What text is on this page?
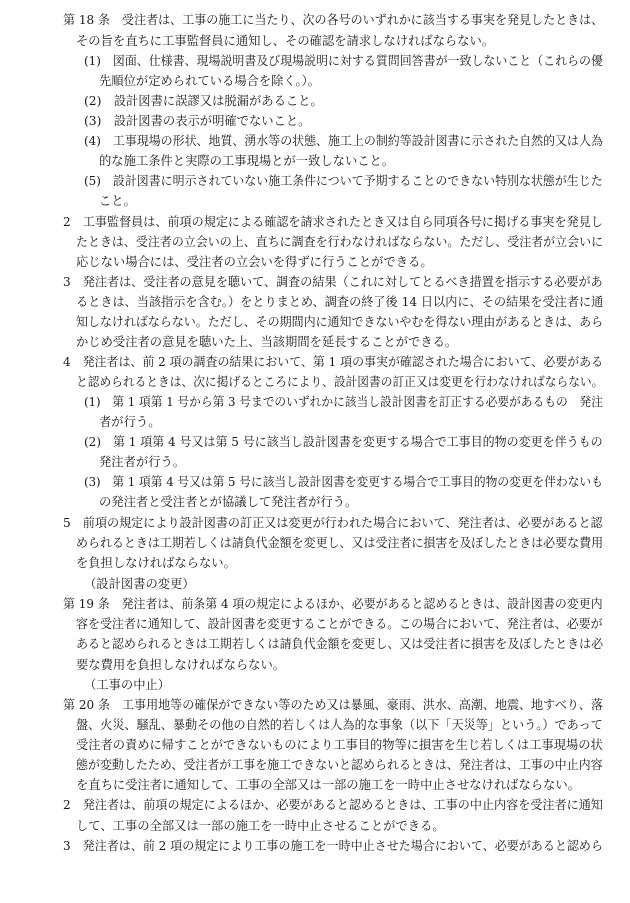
第 18 条　受注者は、工事の施工に当たり、次の各号のいずれかに該当する事実を発見したときは、
その旨を直ちに工事監督員に通知し、その確認を請求しなければならない。
(1)　図面、仕様書、現場説明書及び現場説明に対する質問回答書が一致しないこと（これらの優
先順位が定められている場合を除く。）。
(2)　設計図書に誤謬又は脱漏があること。
(3)　設計図書の表示が明確でないこと。
(4)　工事現場の形状、地質、湧水等の状態、施工上の制約等設計図書に示された自然的又は人為
的な施工条件と実際の工事現場とが一致しないこと。
(5)　設計図書に明示されていない施工条件について予期することのできない特別な状態が生じた
こと。
2　工事監督員は、前項の規定による確認を請求されたとき又は自ら同項各号に掲げる事実を発見し
たときは、受注者の立会いの上、直ちに調査を行わなければならない。ただし、受注者が立会いに
応じない場合には、受注者の立会いを得ずに行うことができる。
3　発注者は、受注者の意見を聴いて、調査の結果（これに対してとるべき措置を指示する必要があ
るときは、当該指示を含む。）をとりまとめ、調査の終了後 14 日以内に、その結果を受注者に通
知しなければならない。ただし、その期間内に通知できないやむを得ない理由があるときは、あら
かじめ受注者の意見を聴いた上、当該期間を延長することができる。
4　発注者は、前 2 項の調査の結果において、第 1 項の事実が確認された場合において、必要がある
と認められるときは、次に掲げるところにより、設計図書の訂正又は変更を行わなければならない。
(1)　第 1 項第 1 号から第 3 号までのいずれかに該当し設計図書を訂正する必要があるもの　発注
者が行う。
(2)　第 1 項第 4 号又は第 5 号に該当し設計図書を変更する場合で工事目的物の変更を伴うもの
発注者が行う。
(3)　第 1 項第 4 号又は第 5 号に該当し設計図書を変更する場合で工事目的物の変更を伴わないも
の発注者と受注者とが協議して発注者が行う。
5　前項の規定により設計図書の訂正又は変更が行われた場合において、発注者は、必要があると認
められるときは工期若しくは請負代金額を変更し、又は受注者に損害を及ぼしたときは必要な費用
を負担しなければならない。
（設計図書の変更）
第 19 条　発注者は、前条第 4 項の規定によるほか、必要があると認めるときは、設計図書の変更内
容を受注者に通知して、設計図書を変更することができる。この場合において、発注者は、必要が
あると認められるときは工期若しくは請負代金額を変更し、又は受注者に損害を及ぼしたときは必
要な費用を負担しなければならない。
（工事の中止）
第 20 条　工事用地等の確保ができない等のため又は暴風、豪雨、洪水、高潮、地震、地すべり、落
盤、火災、騒乱、暴動その他の自然的若しくは人為的な事象（以下「天災等」という。）であって
受注者の責めに帰すことができないものにより工事目的物等に損害を生じ若しくは工事現場の状
態が変動したため、受注者が工事を施工できないと認められるときは、発注者は、工事の中止内容
を直ちに受注者に通知して、工事の全部又は一部の施工を一時中止させなければならない。
2　発注者は、前項の規定によるほか、必要があると認めるときは、工事の中止内容を受注者に通知
して、工事の全部又は一部の施工を一時中止させることができる。
3　発注者は、前 2 項の規定により工事の施工を一時中止させた場合において、必要があると認めら
